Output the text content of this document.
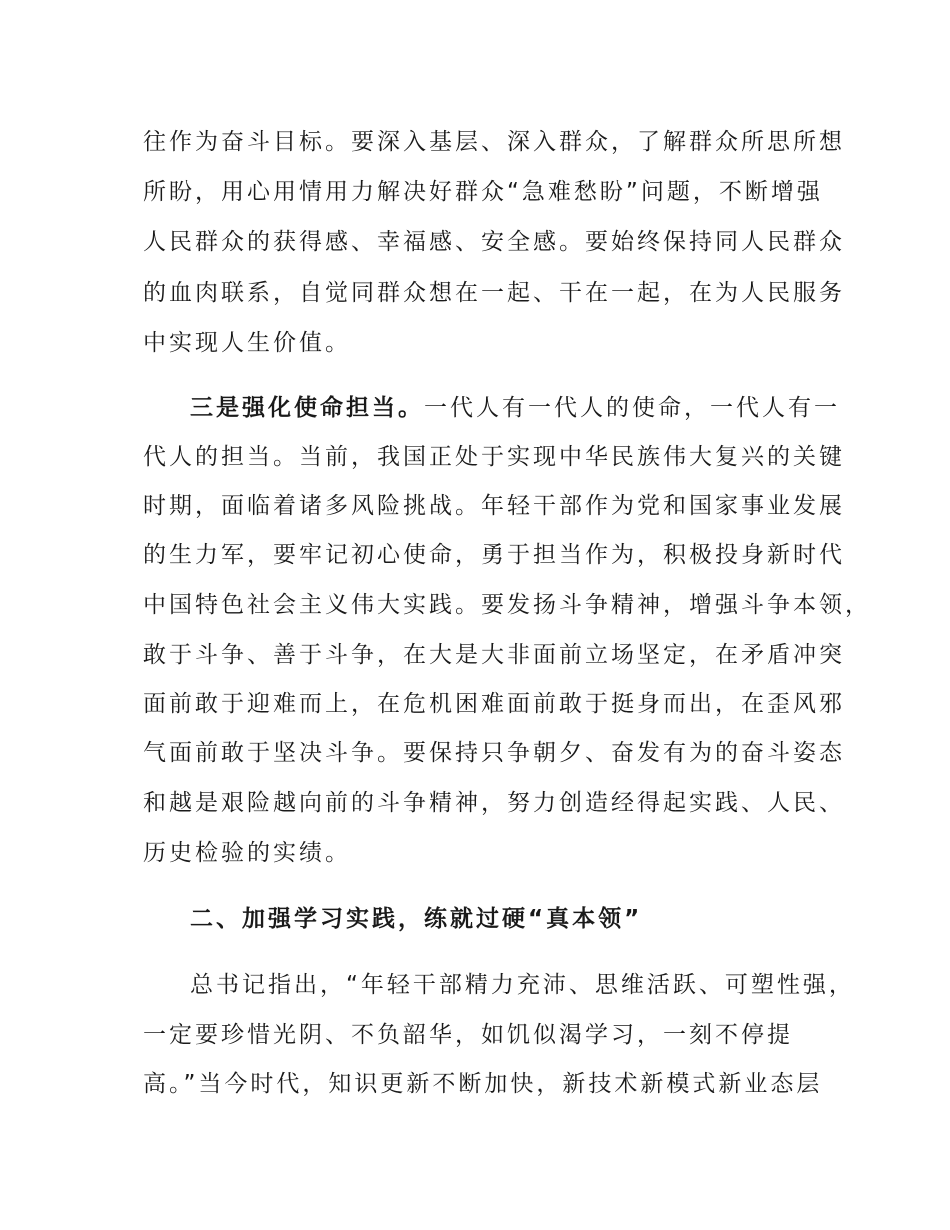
往作为奋斗目标。要深入基层、深入群众，了解群众所思所想
所盼，用心用情用力解决好群众“急难愁盼”问题，不断增强
人民群众的获得感、幸福感、安全感。要始终保持同人民群众
的血肉联系，自觉同群众想在一起、干在一起，在为人民服务
中实现人生价值。
三是强化使命担当。一代人有一代人的使命，一代人有一
代人的担当。当前，我国正处于实现中华民族伟大复兴的关键
时期，面临着诸多风险挑战。年轻干部作为党和国家事业发展
的生力军，要牢记初心使命，勇于担当作为，积极投身新时代
中国特色社会主义伟大实践。要发扬斗争精神，增强斗争本领，
敢于斗争、善于斗争，在大是大非面前立场坚定，在矛盾冲突
面前敢于迎难而上，在危机困难面前敢于挺身而出，在歪风邪
气面前敢于坚决斗争。要保持只争朝夕、奋发有为的奋斗姿态
和越是艰险越向前的斗争精神，努力创造经得起实践、人民、
历史检验的实绩。
二、加强学习实践，练就过硬“真本领”
总书记指出，“年轻干部精力充沛、思维活跃、可塑性强，
一定要珍惜光阴、不负韶华，如饥似渴学习，一刻不停提
高。”当今时代，知识更新不断加快，新技术新模式新业态层
